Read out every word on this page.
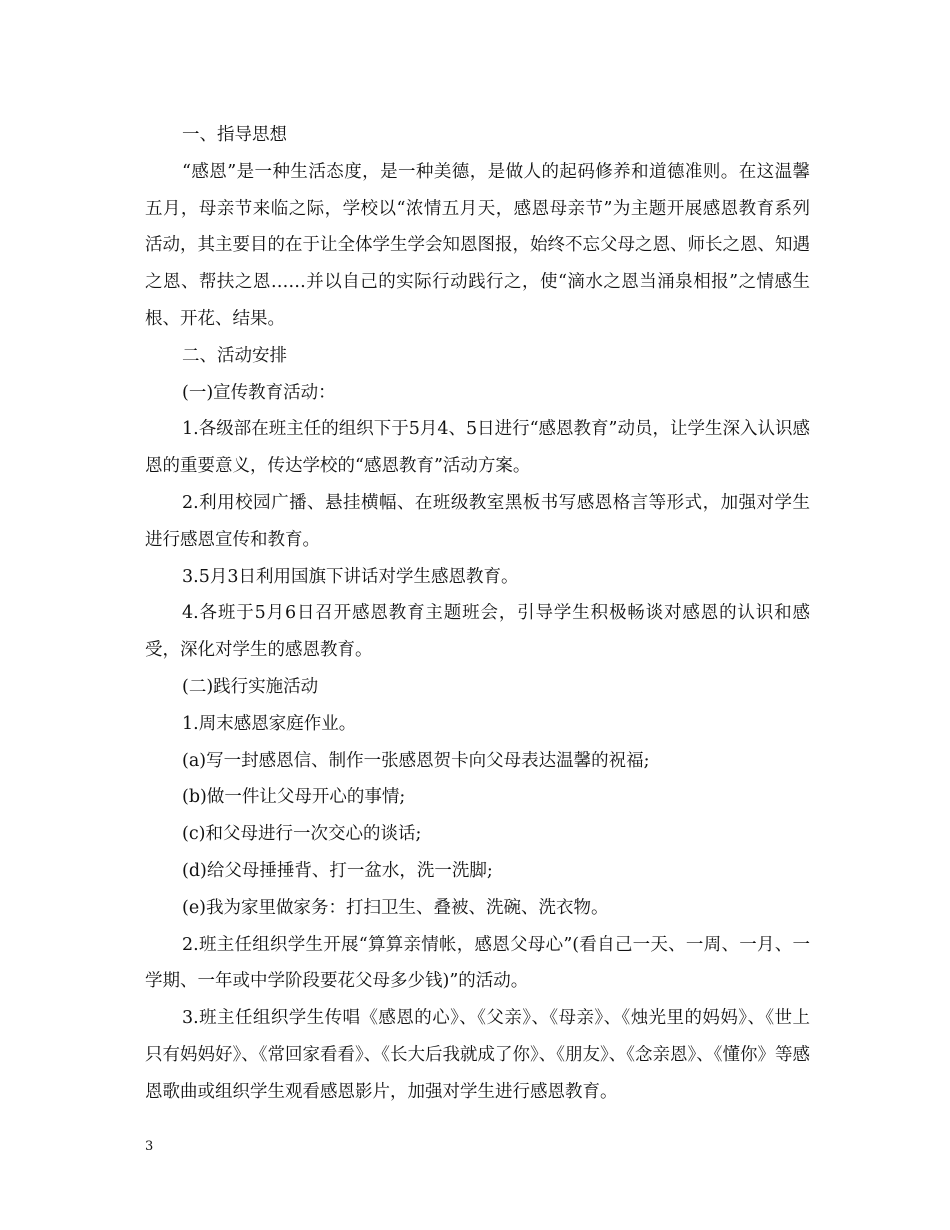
一、指导思想

“感恩”是一种生活态度，是一种美德，是做人的起码修养和道德准则。在这温馨五月，母亲节来临之际，学校以“浓情五月天，感恩母亲节”为主题开展感恩教育系列活动，其主要目的在于让全体学生学会知恩图报，始终不忘父母之恩、师长之恩、知遇之恩、帮扶之恩……并以自己的实际行动践行之，使“滴水之恩当涌泉相报”之情感生根、开花、结果。

二、活动安排

(一)宣传教育活动：

1.各级部在班主任的组织下于5月4、5日进行“感恩教育”动员，让学生深入认识感恩的重要意义，传达学校的“感恩教育”活动方案。

2.利用校园广播、悬挂横幅、在班级教室黑板书写感恩格言等形式，加强对学生进行感恩宣传和教育。

3.5月3日利用国旗下讲话对学生感恩教育。

4.各班于5月6日召开感恩教育主题班会，引导学生积极畅谈对感恩的认识和感受，深化对学生的感恩教育。

(二)践行实施活动

1.周末感恩家庭作业。

(a)写一封感恩信、制作一张感恩贺卡向父母表达温馨的祝福;

(b)做一件让父母开心的事情;

(c)和父母进行一次交心的谈话;

(d)给父母捶捶背、打一盆水，洗一洗脚;

(e)我为家里做家务：打扫卫生、叠被、洗碗、洗衣物。

2.班主任组织学生开展“算算亲情帐，感恩父母心”(看自己一天、一周、一月、一学期、一年或中学阶段要花父母多少钱)”的活动。

3.班主任组织学生传唱《感恩的心》、《父亲》、《母亲》、《烛光里的妈妈》、《世上只有妈妈好》、《常回家看看》、《长大后我就成了你》、《朋友》、《念亲恩》、《懂你》等感恩歌曲或组织学生观看感恩影片，加强对学生进行感恩教育。

3
